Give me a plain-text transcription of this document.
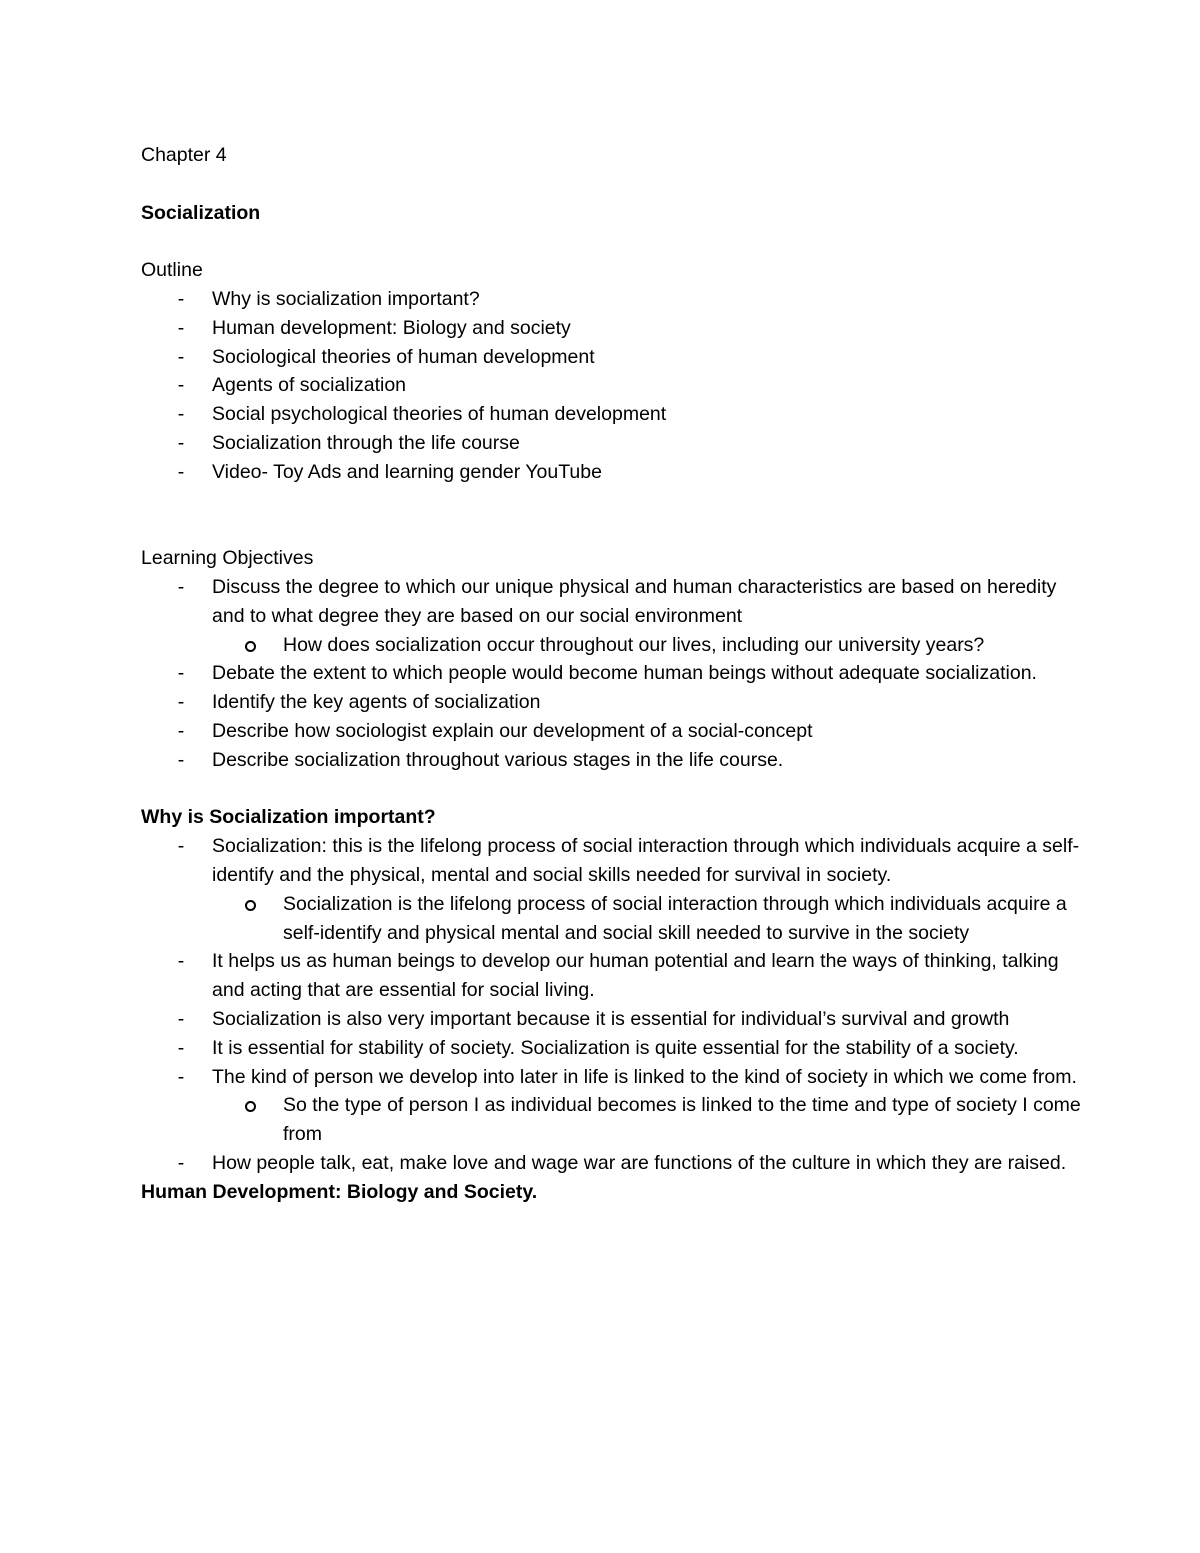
Chapter 4

Socialization

Outline

- Why is socialization important?
- Human development: Biology and society
- Sociological theories of human development
- Agents of socialization
- Social psychological theories of human development
- Socialization through the life course
- Video- Toy Ads and learning gender YouTube

Learning Objectives

- Discuss the degree to which our unique physical and human characteristics are based on heredity and to what degree they are based on our social environment
How does socialization occur throughout our lives, including our university years?
- Debate the extent to which people would become human beings without adequate socialization.
- Identify the key agents of socialization
- Describe how sociologist explain our development of a social-concept
- Describe socialization throughout various stages in the life course.

Why is Socialization important?

- Socialization: this is the lifelong process of social interaction through which individuals acquire a self-identify and the physical, mental and social skills needed for survival in society.
Socialization is the lifelong process of social interaction through which individuals acquire a self-identify and physical mental and social skill needed to survive in the society
- It helps us as human beings to develop our human potential and learn the ways of thinking, talking and acting that are essential for social living.
- Socialization is also very important because it is essential for individual’s survival and growth
- It is essential for stability of society. Socialization is quite essential for the stability of a society.
- The kind of person we develop into later in life is linked to the kind of society in which we come from.
So the type of person I as individual becomes is linked to the time and type of society I come from
- How people talk, eat, make love and wage war are functions of the culture in which they are raised.

Human Development: Biology and Society.
